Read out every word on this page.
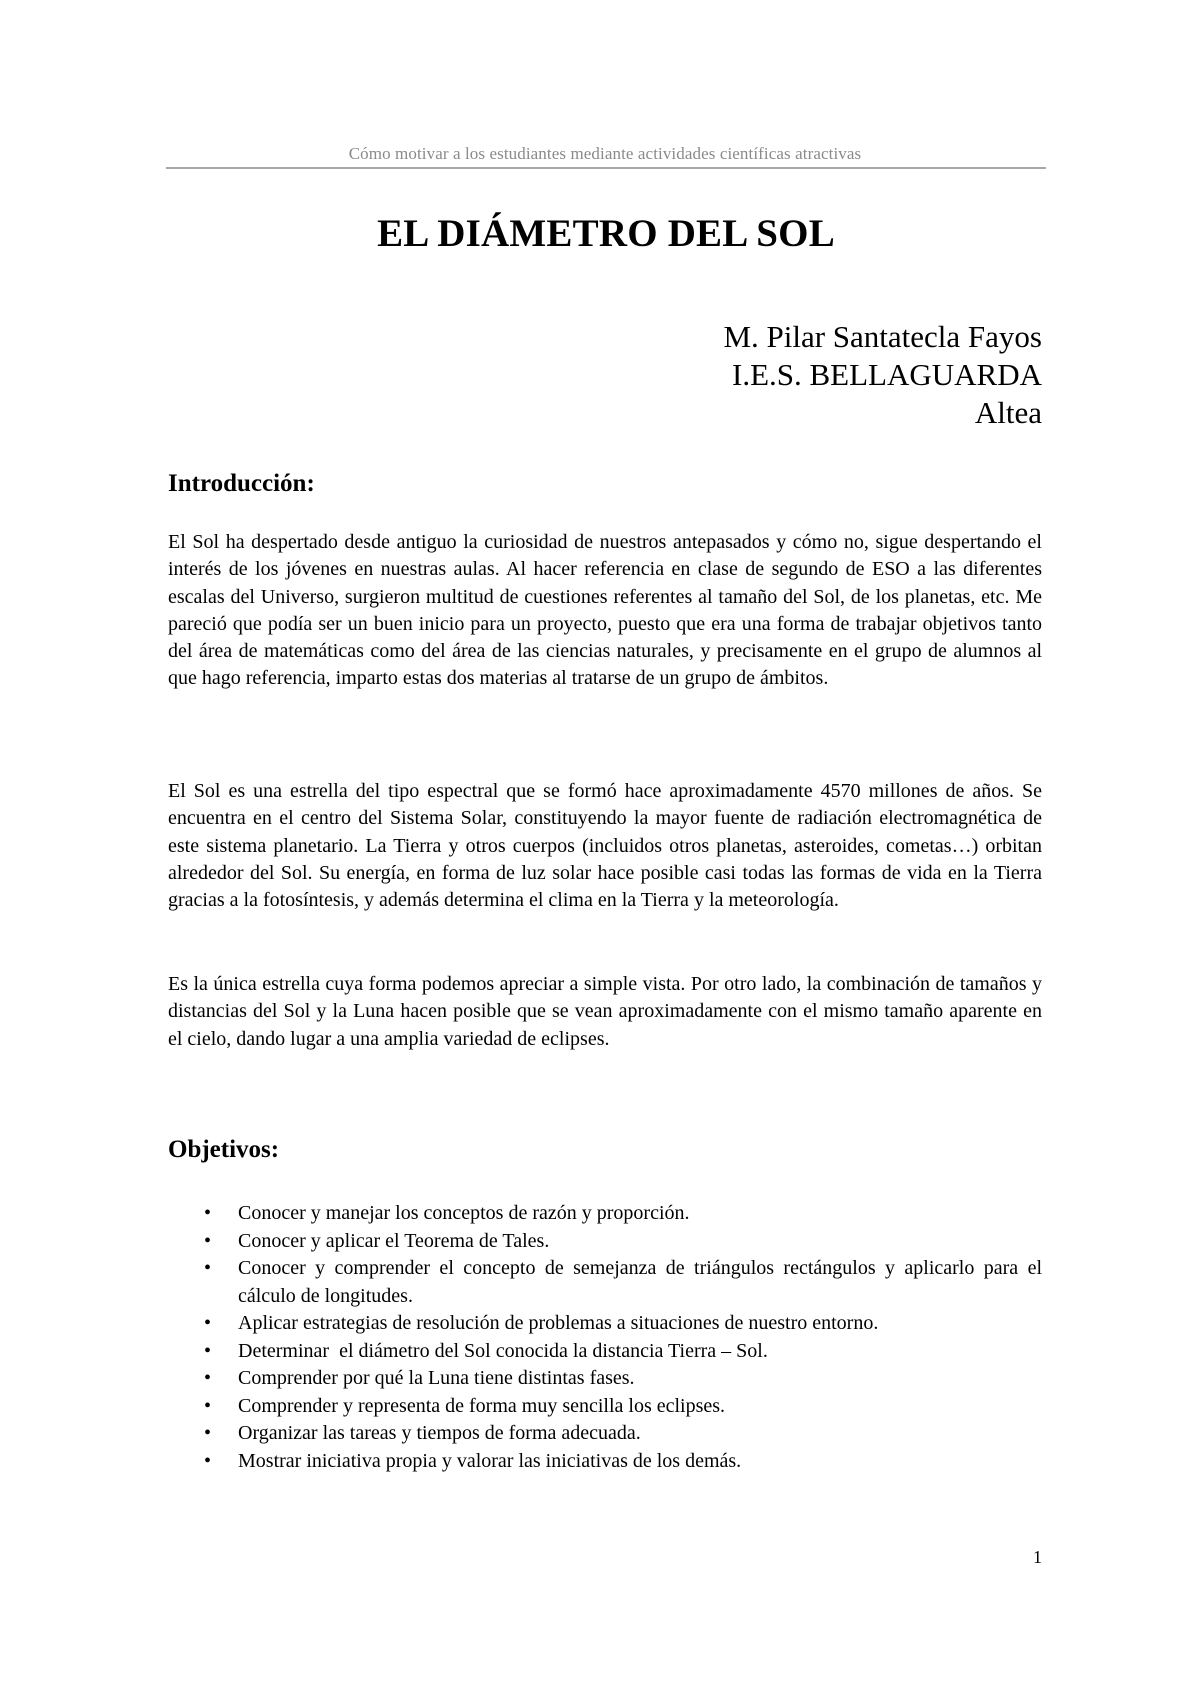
Cómo motivar a los estudiantes mediante actividades científicas atractivas
EL DIÁMETRO DEL SOL
M. Pilar Santatecla Fayos
I.E.S. BELLAGUARDA
Altea
Introducción:

El Sol ha despertado desde antiguo la curiosidad de nuestros antepasados y cómo no, sigue despertando el interés de los jóvenes en nuestras aulas. Al hacer referencia en clase de segundo de ESO a las diferentes escalas del Universo, surgieron multitud de cuestiones referentes al tamaño del Sol, de los planetas, etc. Me pareció que podía ser un buen inicio para un proyecto, puesto que era una forma de trabajar objetivos tanto del área de matemáticas como del área de las ciencias naturales, y precisamente en el grupo de alumnos al que hago referencia, imparto estas dos materias al tratarse de un grupo de ámbitos.

El Sol es una estrella del tipo espectral que se formó hace aproximadamente 4570 millones de años. Se encuentra en el centro del Sistema Solar, constituyendo la mayor fuente de radiación electromagnética de este sistema planetario. La Tierra y otros cuerpos (incluidos otros planetas, asteroides, cometas…) orbitan alrededor del Sol. Su energía, en forma de luz solar hace posible casi todas las formas de vida en la Tierra gracias a la fotosíntesis, y además determina el clima en la Tierra y la meteorología.

Es la única estrella cuya forma podemos apreciar a simple vista. Por otro lado, la combinación de tamaños y distancias del Sol y la Luna hacen posible que se vean aproximadamente con el mismo tamaño aparente en el cielo, dando lugar a una amplia variedad de eclipses.

Objetivos:
• Conocer y manejar los conceptos de razón y proporción.
• Conocer y aplicar el Teorema de Tales.
• Conocer y comprender el concepto de semejanza de triángulos rectángulos y aplicarlo para el cálculo de longitudes.
• Aplicar estrategias de resolución de problemas a situaciones de nuestro entorno.
• Determinar  el diámetro del Sol conocida la distancia Tierra – Sol.
• Comprender por qué la Luna tiene distintas fases.
• Comprender y representa de forma muy sencilla los eclipses.
• Organizar las tareas y tiempos de forma adecuada.
• Mostrar iniciativa propia y valorar las iniciativas de los demás.
1
